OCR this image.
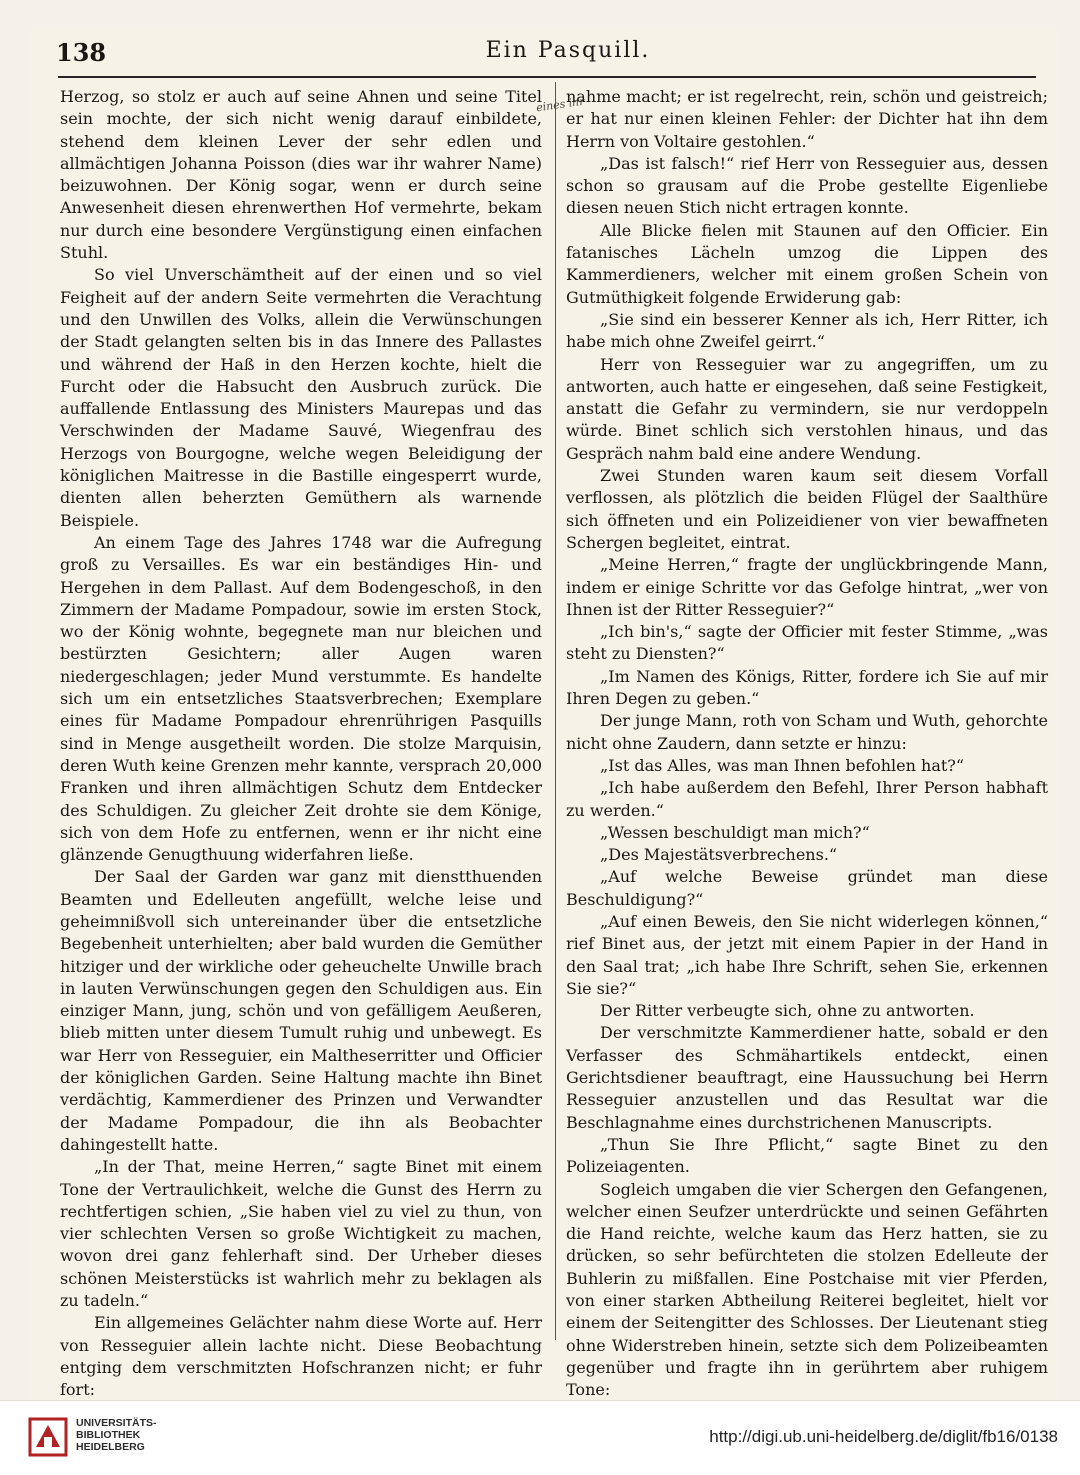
138	Ein Pasquill.
eines ihr

Herzog, so stolz er auch auf seine Ahnen und seine Titel sein mochte, der sich nicht wenig darauf einbildete, stehend dem kleinen Lever der sehr edlen und allmächtigen Johanna Poisson (dies war ihr wahrer Name) beizuwohnen. Der König sogar, wenn er durch seine Anwesenheit diesen ehrenwerthen Hof vermehrte, bekam nur durch eine besondere Vergünstigung einen einfachen Stuhl.

So viel Unverschämtheit auf der einen und so viel Feigheit auf der andern Seite vermehrten die Verachtung und den Unwillen des Volks, allein die Verwünschungen der Stadt gelangten selten bis in das Innere des Pallastes und während der Haß in den Herzen kochte, hielt die Furcht oder die Habsucht den Ausbruch zurück. Die auffallende Entlassung des Ministers Maurepas und das Verschwinden der Madame Sauvé, Wiegenfrau des Herzogs von Bourgogne, welche wegen Beleidigung der königlichen Maitresse in die Bastille eingesperrt wurde, dienten allen beherzten Gemüthern als warnende Beispiele.

An einem Tage des Jahres 1748 war die Aufregung groß zu Versailles. Es war ein beständiges Hin- und Hergehen in dem Pallast. Auf dem Bodengeschoß, in den Zimmern der Madame Pompadour, sowie im ersten Stock, wo der König wohnte, begegnete man nur bleichen und bestürzten Gesichtern; aller Augen waren niedergeschlagen; jeder Mund verstummte. Es handelte sich um ein entsetzliches Staatsverbrechen; Exemplare eines für Madame Pompadour ehrenrührigen Pasquills sind in Menge ausgetheilt worden. Die stolze Marquisin, deren Wuth keine Grenzen mehr kannte, versprach 20,000 Franken und ihren allmächtigen Schutz dem Entdecker des Schuldigen. Zu gleicher Zeit drohte sie dem Könige, sich von dem Hofe zu entfernen, wenn er ihr nicht eine glänzende Genugthuung widerfahren ließe.

Der Saal der Garden war ganz mit dienstthuenden Beamten und Edelleuten angefüllt, welche leise und geheimnißvoll sich untereinander über die entsetzliche Begebenheit unterhielten; aber bald wurden die Gemüther hitziger und der wirkliche oder geheuchelte Unwille brach in lauten Verwünschungen gegen den Schuldigen aus. Ein einziger Mann, jung, schön und von gefälligem Aeußeren, blieb mitten unter diesem Tumult ruhig und unbewegt. Es war Herr von Resseguier, ein Maltheserritter und Officier der königlichen Garden. Seine Haltung machte ihn Binet verdächtig, Kammerdiener des Prinzen und Verwandter der Madame Pompadour, die ihn als Beobachter dahingestellt hatte.

„In der That, meine Herren,“ sagte Binet mit einem Tone der Vertraulichkeit, welche die Gunst des Herrn zu rechtfertigen schien, „Sie haben viel zu viel zu thun, von vier schlechten Versen so große Wichtigkeit zu machen, wovon drei ganz fehlerhaft sind. Der Urheber dieses schönen Meisterstücks ist wahrlich mehr zu beklagen als zu tadeln.“

Ein allgemeines Gelächter nahm diese Worte auf. Herr von Resseguier allein lachte nicht. Diese Beobachtung entging dem verschmitzten Hofschranzen nicht; er fuhr fort:

nahme macht; er ist regelrecht, rein, schön und geistreich; er hat nur einen kleinen Fehler: der Dichter hat ihn dem Herrn von Voltaire gestohlen.“

„Das ist falsch!“ rief Herr von Resseguier aus, dessen schon so grausam auf die Probe gestellte Eigenliebe diesen neuen Stich nicht ertragen konnte.

Alle Blicke fielen mit Staunen auf den Officier. Ein fatanisches Lächeln umzog die Lippen des Kammerdieners, welcher mit einem großen Schein von Gutmüthigkeit folgende Erwiderung gab:

„Sie sind ein besserer Kenner als ich, Herr Ritter, ich habe mich ohne Zweifel geirrt.“

Herr von Resseguier war zu angegriffen, um zu antworten, auch hatte er eingesehen, daß seine Festigkeit, anstatt die Gefahr zu vermindern, sie nur verdoppeln würde. Binet schlich sich verstohlen hinaus, und das Gespräch nahm bald eine andere Wendung.

Zwei Stunden waren kaum seit diesem Vorfall verflossen, als plötzlich die beiden Flügel der Saalthüre sich öffneten und ein Polizeidiener von vier bewaffneten Schergen begleitet, eintrat.

„Meine Herren,“ fragte der unglückbringende Mann, indem er einige Schritte vor das Gefolge hintrat, „wer von Ihnen ist der Ritter Resseguier?“

„Ich bin's,“ sagte der Officier mit fester Stimme, „was steht zu Diensten?“

„Im Namen des Königs, Ritter, fordere ich Sie auf mir Ihren Degen zu geben.“

Der junge Mann, roth von Scham und Wuth, gehorchte nicht ohne Zaudern, dann setzte er hinzu:

„Ist das Alles, was man Ihnen befohlen hat?“

„Ich habe außerdem den Befehl, Ihrer Person habhaft zu werden.“

„Wessen beschuldigt man mich?“

„Des Majestätsverbrechens.“

„Auf welche Beweise gründet man diese Beschuldigung?“

„Auf einen Beweis, den Sie nicht widerlegen können,“ rief Binet aus, der jetzt mit einem Papier in der Hand in den Saal trat; „ich habe Ihre Schrift, sehen Sie, erkennen Sie sie?“

Der Ritter verbeugte sich, ohne zu antworten.

Der verschmitzte Kammerdiener hatte, sobald er den Verfasser des Schmähartikels entdeckt, einen Gerichtsdiener beauftragt, eine Haussuchung bei Herrn Resseguier anzustellen und das Resultat war die Beschlagnahme eines durchstrichenen Manuscripts.

„Thun Sie Ihre Pflicht,“ sagte Binet zu den Polizeiagenten.

Sogleich umgaben die vier Schergen den Gefangenen, welcher einen Seufzer unterdrückte und seinen Gefährten die Hand reichte, welche kaum das Herz hatten, sie zu drücken, so sehr befürchteten die stolzen Edelleute der Buhlerin zu mißfallen. Eine Postchaise mit vier Pferden, von einer starken Abtheilung Reiterei begleitet, hielt vor einem der Seitengitter des Schlosses. Der Lieutenant stieg ohne Widerstreben hinein, setzte sich dem Polizeibeamten gegenüber und fragte ihn in gerührtem aber ruhigem Tone:

UNIVERSITÄTS-
BIBLIOTHEK
HEIDELBERG
http://digi.ub.uni-heidelberg.de/diglit/fb16/0138
